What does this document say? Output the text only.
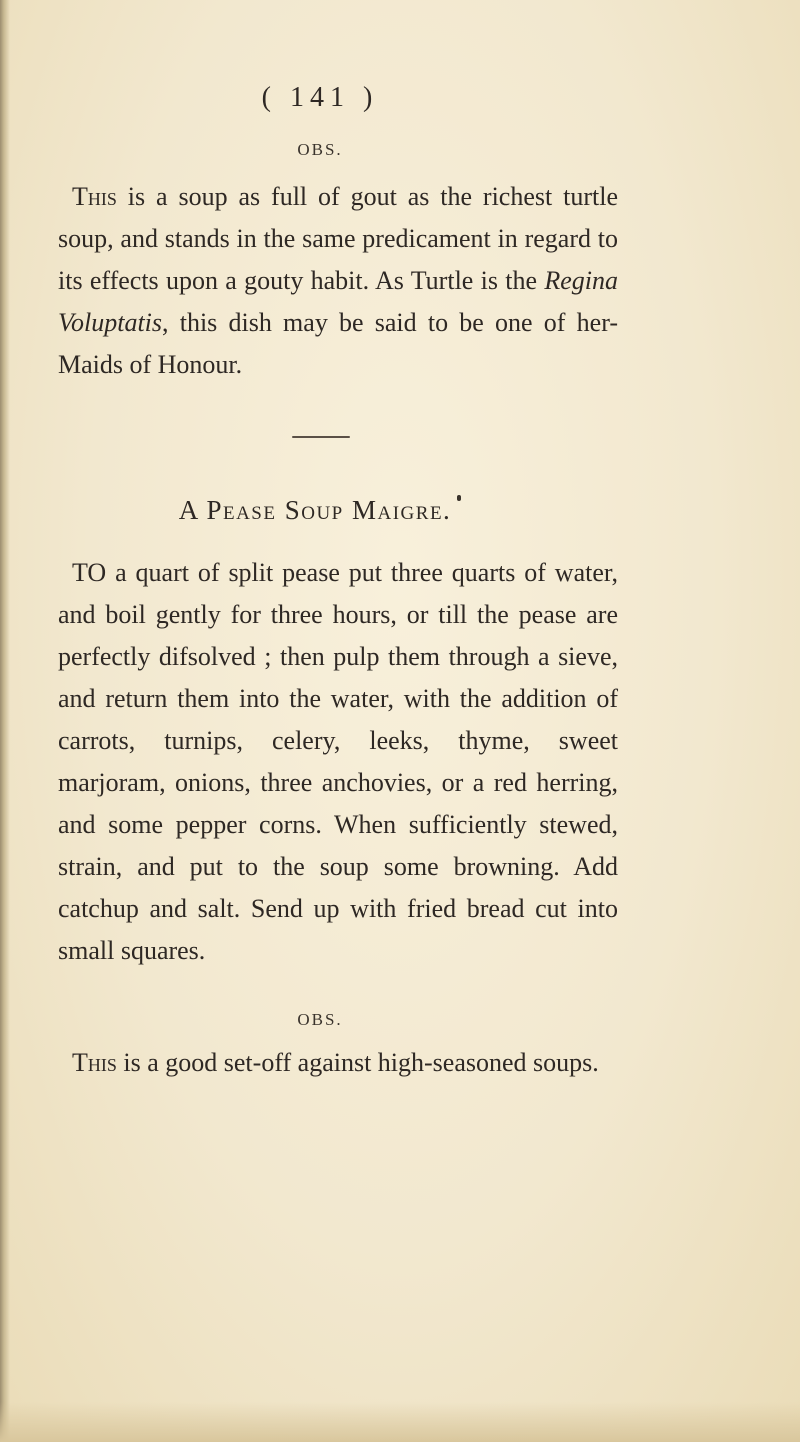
( 141 )
OBS.
This is a soup as full of gout as the richest turtle soup, and stands in the same predicament in regard to its effects upon a gouty habit. As Turtle is the Regina Voluptatis, this dish may be said to be one of her-Maids of Honour.
A Pease Soup Maigre.
TO a quart of split pease put three quarts of water, and boil gently for three hours, or till the pease are perfectly difsolved ; then pulp them through a sieve, and return them into the water, with the addition of carrots, turnips, celery, leeks, thyme, sweet marjoram, onions, three anchovies, or a red herring, and some pepper corns. When sufficiently stewed, strain, and put to the soup some browning. Add catchup and salt. Send up with fried bread cut into small squares.
OBS.
This is a good set-off against high-seasoned soups.
